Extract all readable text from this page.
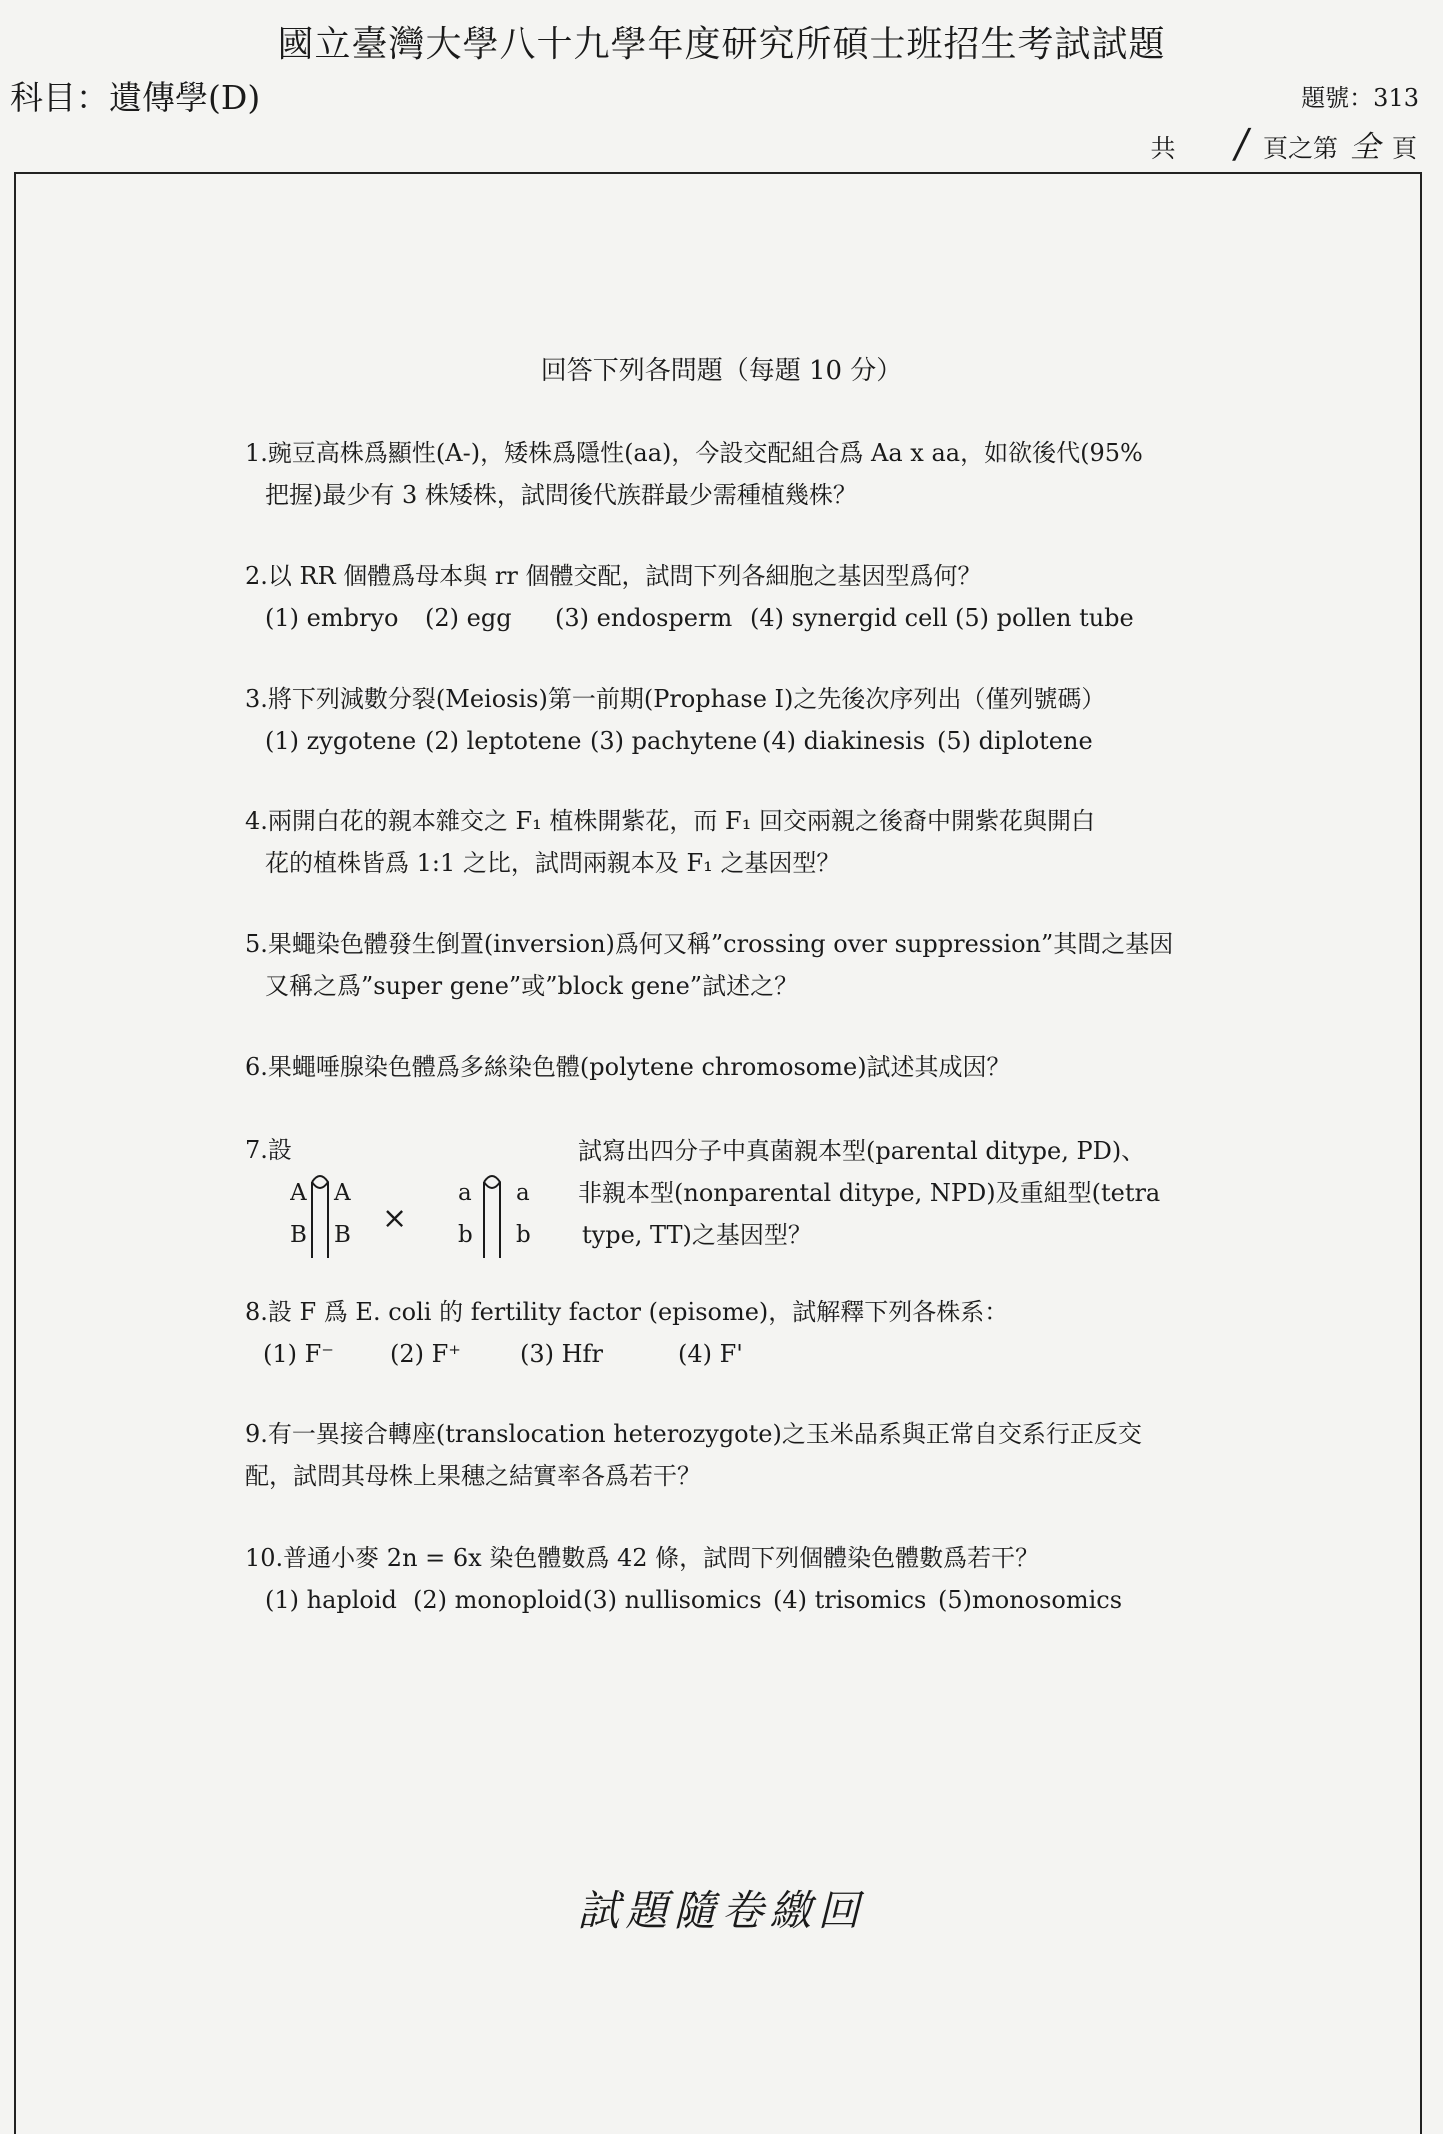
國立臺灣大學八十九學年度研究所碩士班招生考試試題
科目：遺傳學(D)	題號：313
共 / 頁之第 全 頁
回答下列各問題（每題 10 分）
1.豌豆高株爲顯性(A-)，矮株爲隱性(aa)，今設交配組合爲 Aa x aa，如欲後代(95%
把握)最少有 3 株矮株，試問後代族群最少需種植幾株？
2.以 RR 個體爲母本與 rr 個體交配，試問下列各細胞之基因型爲何？
(1) embryo	(2) egg	(3) endosperm (4) synergid cell (5) pollen tube
3.將下列減數分裂(Meiosis)第一前期(Prophase I)之先後次序列出（僅列號碼）
(1) zygotene (2) leptotene (3) pachytene (4) diakinesis (5) diplotene
4.兩開白花的親本雜交之 F₁ 植株開紫花，而 F₁ 回交兩親之後裔中開紫花與開白
花的植株皆爲 1:1 之比，試問兩親本及 F₁ 之基因型？
5.果蠅染色體發生倒置(inversion)爲何又稱”crossing over suppression”其間之基因
又稱之爲”super gene”或”block gene”試述之？
6.果蠅唾腺染色體爲多絲染色體(polytene chromosome)試述其成因？
7.設
A
B
A
B ×
a
b
a
b
試寫出四分子中真菌親本型(parental ditype, PD)、
非親本型(nonparental ditype, NPD)及重組型(tetra
type, TT)之基因型？
8.設 F 爲 E. coli 的 fertility factor (episome)，試解釋下列各株系：
(1) F⁻	(2) F⁺	(3) Hfr	(4) F'
9.有一異接合轉座(translocation heterozygote)之玉米品系與正常自交系行正反交
配，試問其母株上果穗之結實率各爲若干？
10.普通小麥 2n = 6x 染色體數爲 42 條，試問下列個體染色體數爲若干？
(1) haploid (2) monoploid (3) nullisomics (4) trisomics (5)monosomics
試題隨卷繳回
